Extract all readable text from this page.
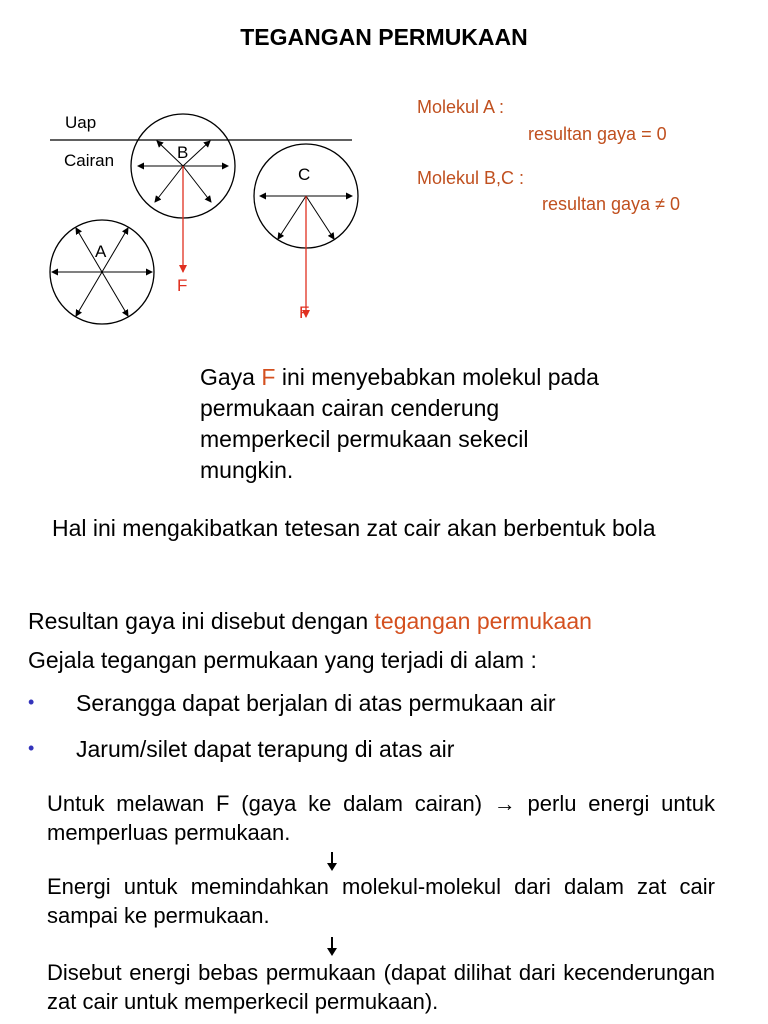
TEGANGAN PERMUKAAN
Uap
Cairan	B
F
C
F
A
Molekul A :
resultan gaya = 0
Molekul B,C :
resultan gaya ≠ 0
Gaya F ini menyebabkan molekul pada permukaan cairan cenderung memperkecil permukaan sekecil mungkin.
Hal ini mengakibatkan tetesan zat cair akan berbentuk bola
Resultan gaya ini disebut dengan tegangan permukaan
Gejala tegangan permukaan yang terjadi di alam :
• Serangga dapat berjalan di atas permukaan air
• Jarum/silet dapat terapung di atas air
Untuk melawan F (gaya ke dalam cairan) → perlu energi untuk memperluas permukaan.
Energi untuk memindahkan molekul-molekul dari dalam zat cair sampai ke permukaan.
Disebut energi bebas permukaan (dapat dilihat dari kecenderungan zat cair untuk memperkecil permukaan).
